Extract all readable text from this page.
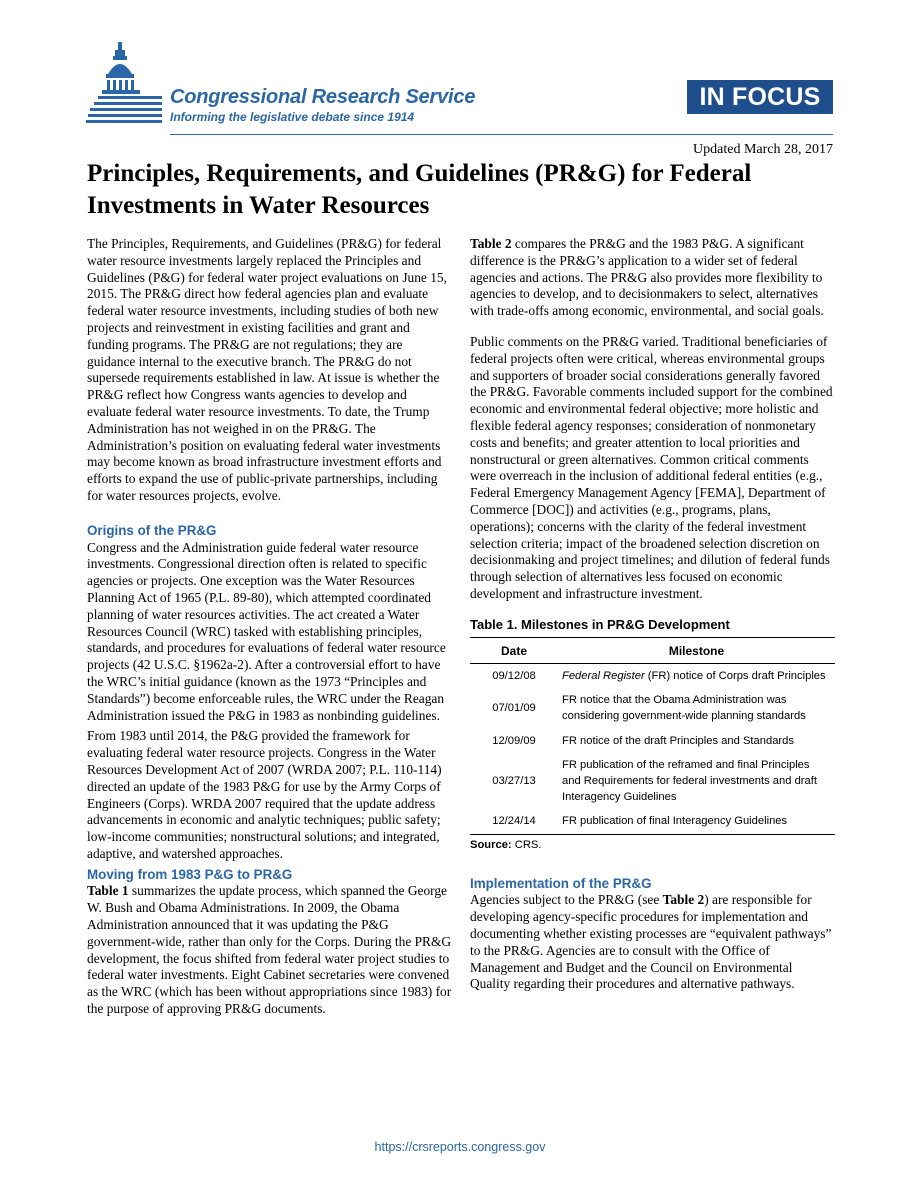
Congressional Research Service
Informing the legislative debate since 1914
IN FOCUS
Updated March 28, 2017
Principles, Requirements, and Guidelines (PR&G) for Federal Investments in Water Resources

The Principles, Requirements, and Guidelines (PR&G) for federal water resource investments largely replaced the Principles and Guidelines (P&G) for federal water project evaluations on June 15, 2015. The PR&G direct how federal agencies plan and evaluate federal water resource investments, including studies of both new projects and reinvestment in existing facilities and grant and funding programs. The PR&G are not regulations; they are guidance internal to the executive branch. The PR&G do not supersede requirements established in law. At issue is whether the PR&G reflect how Congress wants agencies to develop and evaluate federal water resource investments. To date, the Trump Administration has not weighed in on the PR&G. The Administration’s position on evaluating federal water investments may become known as broad infrastructure investment efforts and efforts to expand the use of public-private partnerships, including for water resources projects, evolve.

Origins of the PR&G

Congress and the Administration guide federal water resource investments. Congressional direction often is related to specific agencies or projects. One exception was the Water Resources Planning Act of 1965 (P.L. 89-80), which attempted coordinated planning of water resources activities. The act created a Water Resources Council (WRC) tasked with establishing principles, standards, and procedures for evaluations of federal water resource projects (42 U.S.C. §1962a-2). After a controversial effort to have the WRC’s initial guidance (known as the 1973 “Principles and Standards”) become enforceable rules, the WRC under the Reagan Administration issued the P&G in 1983 as nonbinding guidelines.

From 1983 until 2014, the P&G provided the framework for evaluating federal water resource projects. Congress in the Water Resources Development Act of 2007 (WRDA 2007; P.L. 110-114) directed an update of the 1983 P&G for use by the Army Corps of Engineers (Corps). WRDA 2007 required that the update address advancements in economic and analytic techniques; public safety; low-income communities; nonstructural solutions; and integrated, adaptive, and watershed approaches.

Moving from 1983 P&G to PR&G

Table 1 summarizes the update process, which spanned the George W. Bush and Obama Administrations. In 2009, the Obama Administration announced that it was updating the P&G government-wide, rather than only for the Corps. During the PR&G development, the focus shifted from federal water project studies to federal water investments. Eight Cabinet secretaries were convened as the WRC (which has been without appropriations since 1983) for the purpose of approving PR&G documents.

Table 2 compares the PR&G and the 1983 P&G. A significant difference is the PR&G’s application to a wider set of federal agencies and actions. The PR&G also provides more flexibility to agencies to develop, and to decisionmakers to select, alternatives with trade-offs among economic, environmental, and social goals.

Public comments on the PR&G varied. Traditional beneficiaries of federal projects often were critical, whereas environmental groups and supporters of broader social considerations generally favored the PR&G. Favorable comments included support for the combined economic and environmental federal objective; more holistic and flexible federal agency responses; consideration of nonmonetary costs and benefits; and greater attention to local priorities and nonstructural or green alternatives. Common critical comments were overreach in the inclusion of additional federal entities (e.g., Federal Emergency Management Agency [FEMA], Department of Commerce [DOC]) and activities (e.g., programs, plans, operations); concerns with the clarity of the federal investment selection criteria; impact of the broadened selection discretion on decisionmaking and project timelines; and dilution of federal funds through selection of alternatives less focused on economic development and infrastructure investment.

Table 1. Milestones in PR&G Development
Date	Milestone
09/12/08	Federal Register (FR) notice of Corps draft Principles
07/01/09	FR notice that the Obama Administration was considering government-wide planning standards
12/09/09	FR notice of the draft Principles and Standards
03/27/13	FR publication of the reframed and final Principles and Requirements for federal investments and draft Interagency Guidelines
12/24/14	FR publication of final Interagency Guidelines
Source: CRS.
Implementation of the PR&G

Agencies subject to the PR&G (see Table 2) are responsible for developing agency-specific procedures for implementation and documenting whether existing processes are “equivalent pathways” to the PR&G. Agencies are to consult with the Office of Management and Budget and the Council on Environmental Quality regarding their procedures and alternative pathways.

https://crsreports.congress.gov
